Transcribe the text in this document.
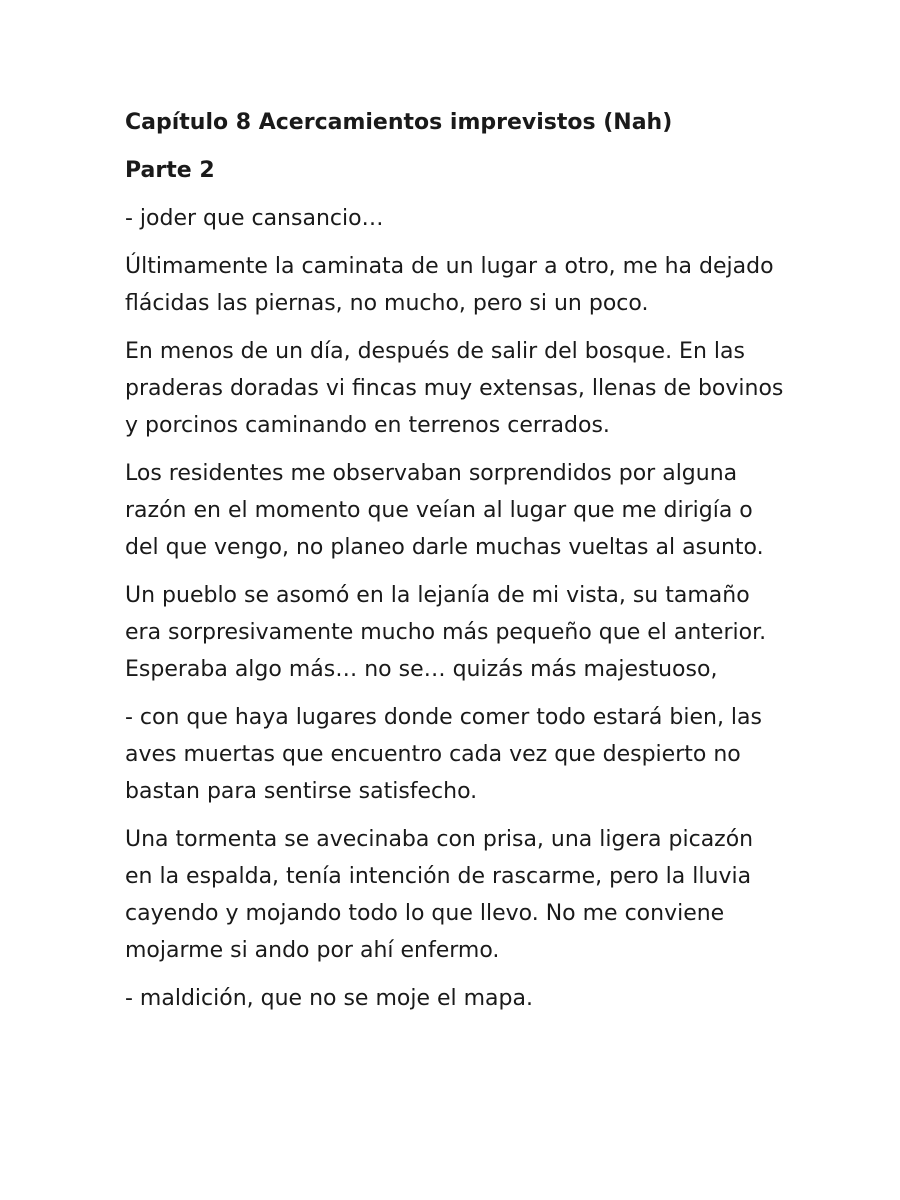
Capítulo 8 Acercamientos imprevistos (Nah)

Parte 2

- joder que cansancio…

Últimamente la caminata de un lugar a otro, me ha dejado flácidas las piernas, no mucho, pero si un poco.

En menos de un día, después de salir del bosque. En las praderas doradas vi fincas muy extensas, llenas de bovinos y porcinos caminando en terrenos cerrados.

Los residentes me observaban sorprendidos por alguna razón en el momento que veían al lugar que me dirigía o del que vengo, no planeo darle muchas vueltas al asunto.

Un pueblo se asomó en la lejanía de mi vista, su tamaño era sorpresivamente mucho más pequeño que el anterior. Esperaba algo más… no se… quizás más majestuoso,

- con que haya lugares donde comer todo estará bien, las aves muertas que encuentro cada vez que despierto no bastan para sentirse satisfecho.

Una tormenta se avecinaba con prisa, una ligera picazón en la espalda, tenía intención de rascarme, pero la lluvia cayendo y mojando todo lo que llevo. No me conviene mojarme si ando por ahí enfermo.

- maldición, que no se moje el mapa.
